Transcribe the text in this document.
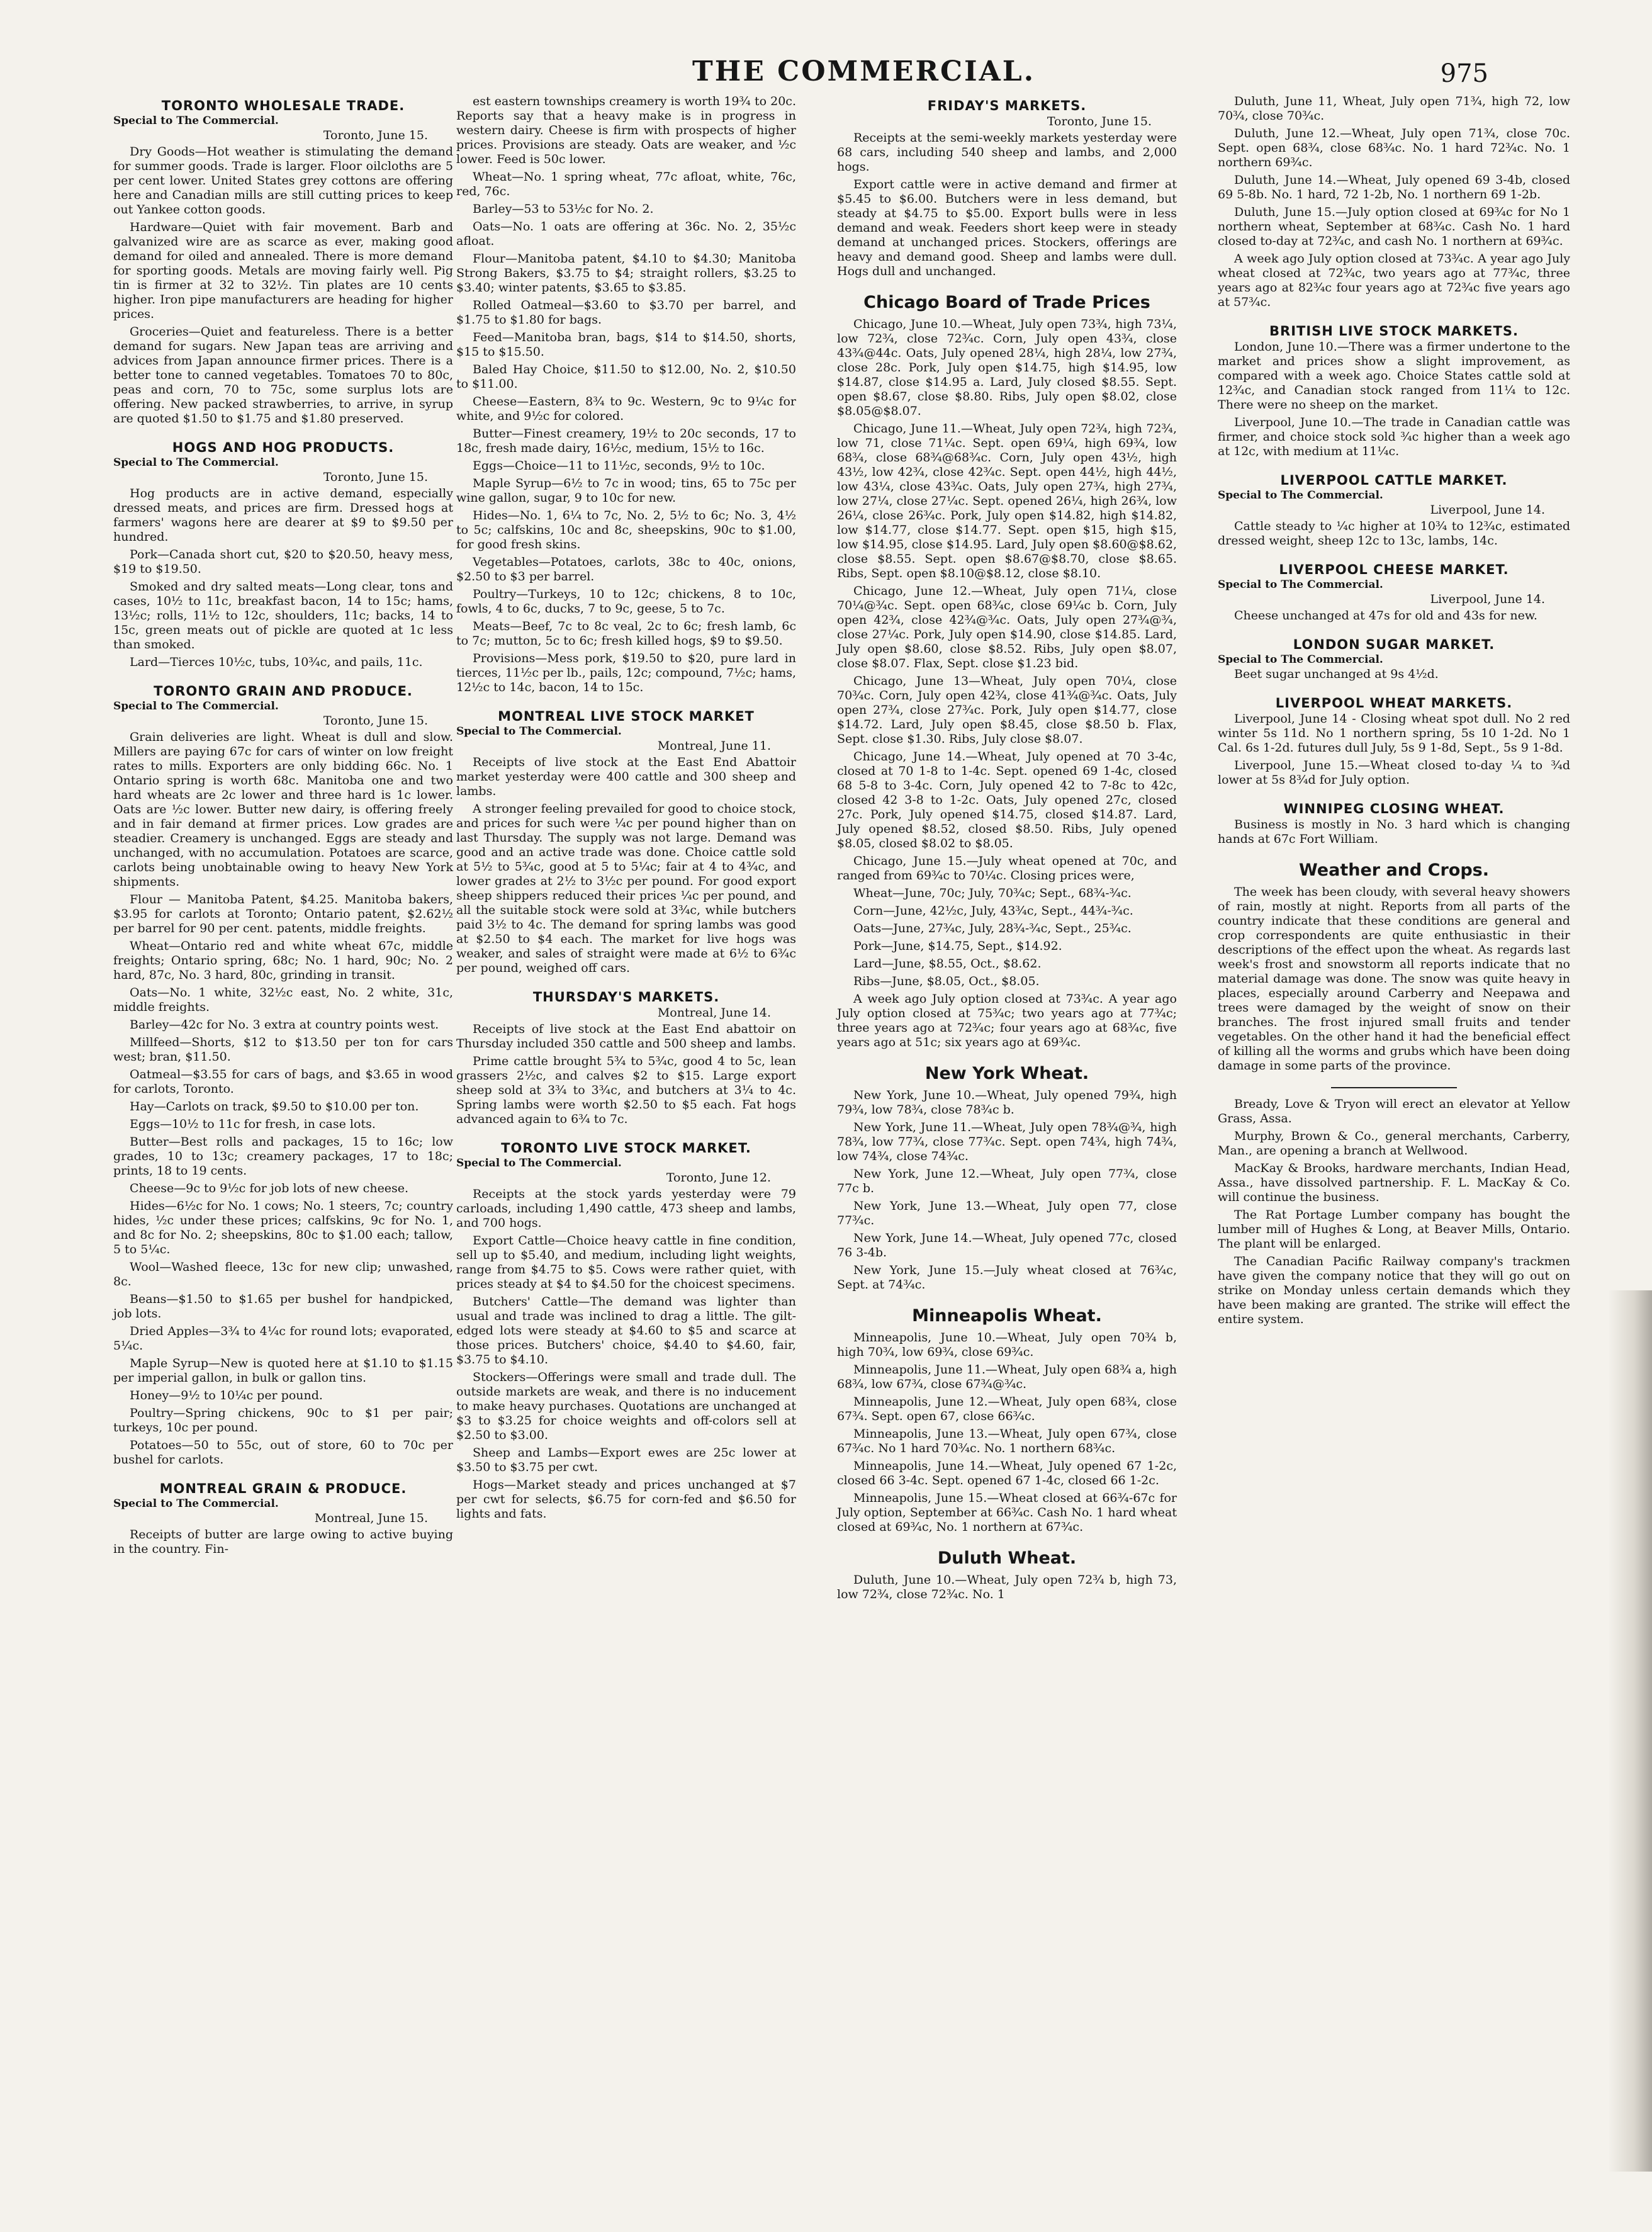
THE COMMERCIAL.	975
TORONTO WHOLESALE TRADE.
Special to The Commercial.
Toronto, June 15.

Dry Goods—Hot weather is stimulating the demand for summer goods. Trade is larger. Floor oilcloths are 5 per cent lower. United States grey cottons are offering here and Canadian mills are still cutting prices to keep out Yankee cotton goods.

Hardware—Quiet with fair movement. Barb and galvanized wire are as scarce as ever, making good demand for oiled and annealed. There is more demand for sporting goods. Metals are moving fairly well. Pig tin is firmer at 32 to 32½. Tin plates are 10 cents higher. Iron pipe manufacturers are heading for higher prices.

Groceries—Quiet and featureless. There is a better demand for sugars. New Japan teas are arriving and advices from Japan announce firmer prices. There is a better tone to canned vegetables. Tomatoes 70 to 80c, peas and corn, 70 to 75c, some surplus lots are offering. New packed strawberries, to arrive, in syrup are quoted $1.50 to $1.75 and $1.80 preserved.

HOGS AND HOG PRODUCTS.
Special to The Commercial.
Toronto, June 15.

Hog products are in active demand, especially dressed meats, and prices are firm. Dressed hogs at farmers' wagons here are dearer at $9 to $9.50 per hundred.

Pork—Canada short cut, $20 to $20.50, heavy mess, $19 to $19.50.

Smoked and dry salted meats—Long clear, tons and cases, 10½ to 11c, breakfast bacon, 14 to 15c; hams, 13½c; rolls, 11½ to 12c, shoulders, 11c; backs, 14 to 15c, green meats out of pickle are quoted at 1c less than smoked.

Lard—Tierces 10½c, tubs, 10¾c, and pails, 11c.

TORONTO GRAIN AND PRODUCE.
Special to The Commercial.
Toronto, June 15.

Grain deliveries are light. Wheat is dull and slow. Millers are paying 67c for cars of winter on low freight rates to mills. Exporters are only bidding 66c. No. 1 Ontario spring is worth 68c. Manitoba one and two hard wheats are 2c lower and three hard is 1c lower. Oats are ½c lower. Butter new dairy, is offering freely and in fair demand at firmer prices. Low grades are steadier. Creamery is unchanged. Eggs are steady and unchanged, with no accumulation. Potatoes are scarce, carlots being unobtainable owing to heavy New York shipments.

Flour — Manitoba Patent, $4.25. Manitoba bakers, $3.95 for carlots at Toronto; Ontario patent, $2.62½ per barrel for 90 per cent. patents, middle freights.

Wheat—Ontario red and white wheat 67c, middle freights; Ontario spring, 68c; No. 1 hard, 90c; No. 2 hard, 87c, No. 3 hard, 80c, grinding in transit.

Oats—No. 1 white, 32½c east, No. 2 white, 31c, middle freights.

Barley—42c for No. 3 extra at country points west.

Millfeed—Shorts, $12 to $13.50 per ton for cars west; bran, $11.50.

Oatmeal—$3.55 for cars of bags, and $3.65 in wood for carlots, Toronto.

Hay—Carlots on track, $9.50 to $10.00 per ton.

Eggs—10½ to 11c for fresh, in case lots.

Butter—Best rolls and packages, 15 to 16c; low grades, 10 to 13c; creamery packages, 17 to 18c; prints, 18 to 19 cents.

Cheese—9c to 9½c for job lots of new cheese.

Hides—6½c for No. 1 cows; No. 1 steers, 7c; country hides, ½c under these prices; calfskins, 9c for No. 1, and 8c for No. 2; sheepskins, 80c to $1.00 each; tallow, 5 to 5¼c.

Wool—Washed fleece, 13c for new clip; unwashed, 8c.

Beans—$1.50 to $1.65 per bushel for handpicked, job lots.

Dried Apples—3¾ to 4¼c for round lots; evaporated, 5¼c.

Maple Syrup—New is quoted here at $1.10 to $1.15 per imperial gallon, in bulk or gallon tins.

Honey—9½ to 10¼c per pound.

Poultry—Spring chickens, 90c to $1 per pair; turkeys, 10c per pound.

Potatoes—50 to 55c, out of store, 60 to 70c per bushel for carlots.

MONTREAL GRAIN & PRODUCE.
Special to The Commercial.
Montreal, June 15.

Receipts of butter are large owing to active buying in the country. Fin-

est eastern townships creamery is worth 19¾ to 20c. Reports say that a heavy make is in progress in western dairy. Cheese is firm with prospects of higher prices. Provisions are steady. Oats are weaker, and ½c lower. Feed is 50c lower.

Wheat—No. 1 spring wheat, 77c afloat, white, 76c, red, 76c.

Barley—53 to 53½c for No. 2.

Oats—No. 1 oats are offering at 36c. No. 2, 35½c afloat.

Flour—Manitoba patent, $4.10 to $4.30; Manitoba Strong Bakers, $3.75 to $4; straight rollers, $3.25 to $3.40; winter patents, $3.65 to $3.85.

Rolled Oatmeal—$3.60 to $3.70 per barrel, and $1.75 to $1.80 for bags.

Feed—Manitoba bran, bags, $14 to $14.50, shorts, $15 to $15.50.

Baled Hay Choice, $11.50 to $12.00, No. 2, $10.50 to $11.00.

Cheese—Eastern, 8¾ to 9c. Western, 9c to 9¼c for white, and 9½c for colored.

Butter—Finest creamery, 19½ to 20c seconds, 17 to 18c, fresh made dairy, 16½c, medium, 15½ to 16c.

Eggs—Choice—11 to 11½c, seconds, 9½ to 10c.

Maple Syrup—6½ to 7c in wood; tins, 65 to 75c per wine gallon, sugar, 9 to 10c for new.

Hides—No. 1, 6¼ to 7c, No. 2, 5½ to 6c; No. 3, 4½ to 5c; calfskins, 10c and 8c, sheepskins, 90c to $1.00, for good fresh skins.

Vegetables—Potatoes, carlots, 38c to 40c, onions, $2.50 to $3 per barrel.

Poultry—Turkeys, 10 to 12c; chickens, 8 to 10c, fowls, 4 to 6c, ducks, 7 to 9c, geese, 5 to 7c.

Meats—Beef, 7c to 8c veal, 2c to 6c; fresh lamb, 6c to 7c; mutton, 5c to 6c; fresh killed hogs, $9 to $9.50.

Provisions—Mess pork, $19.50 to $20, pure lard in tierces, 11½c per lb., pails, 12c; compound, 7½c; hams, 12½c to 14c, bacon, 14 to 15c.

MONTREAL LIVE STOCK MARKET
Special to The Commercial.
Montreal, June 11.

Receipts of live stock at the East End Abattoir market yesterday were 400 cattle and 300 sheep and lambs.

A stronger feeling prevailed for good to choice stock, and prices for such were ¼c per pound higher than on last Thursday. The supply was not large. Demand was good and an active trade was done. Choice cattle sold at 5½ to 5¾c, good at 5 to 5¼c; fair at 4 to 4¾c, and lower grades at 2½ to 3½c per pound. For good export sheep shippers reduced their prices ¼c per pound, and all the suitable stock were sold at 3¾c, while butchers paid 3½ to 4c. The demand for spring lambs was good at $2.50 to $4 each. The market for live hogs was weaker, and sales of straight were made at 6½ to 6¾c per pound, weighed off cars.

THURSDAY'S MARKETS.
Montreal, June 14.

Receipts of live stock at the East End abattoir on Thursday included 350 cattle and 500 sheep and lambs.

Prime cattle brought 5¾ to 5¾c, good 4 to 5c, lean grassers 2½c, and calves $2 to $15. Large export sheep sold at 3¾ to 3¾c, and butchers at 3¼ to 4c. Spring lambs were worth $2.50 to $5 each. Fat hogs advanced again to 6¾ to 7c.

TORONTO LIVE STOCK MARKET.
Special to The Commercial.
Toronto, June 12.

Receipts at the stock yards yesterday were 79 carloads, including 1,490 cattle, 473 sheep and lambs, and 700 hogs.

Export Cattle—Choice heavy cattle in fine condition, sell up to $5.40, and medium, including light weights, range from $4.75 to $5. Cows were rather quiet, with prices steady at $4 to $4.50 for the choicest specimens.

Butchers' Cattle—The demand was lighter than usual and trade was inclined to drag a little. The gilt-edged lots were steady at $4.60 to $5 and scarce at those prices. Butchers' choice, $4.40 to $4.60, fair, $3.75 to $4.10.

Stockers—Offerings were small and trade dull. The outside markets are weak, and there is no inducement to make heavy purchases. Quotations are unchanged at $3 to $3.25 for choice weights and off-colors sell at $2.50 to $3.00.

Sheep and Lambs—Export ewes are 25c lower at $3.50 to $3.75 per cwt.

Hogs—Market steady and prices unchanged at $7 per cwt for selects, $6.75 for corn-fed and $6.50 for lights and fats.

FRIDAY'S MARKETS.
Toronto, June 15.

Receipts at the semi-weekly markets yesterday were 68 cars, including 540 sheep and lambs, and 2,000 hogs.

Export cattle were in active demand and firmer at $5.45 to $6.00. Butchers were in less demand, but steady at $4.75 to $5.00. Export bulls were in less demand and weak. Feeders short keep were in steady demand at unchanged prices. Stockers, offerings are heavy and demand good. Sheep and lambs were dull. Hogs dull and unchanged.

Chicago Board of Trade Prices

Chicago, June 10.—Wheat, July open 73¾, high 73¼, low 72¾, close 72¾c. Corn, July open 43¾, close 43¾@44c. Oats, July opened 28¼, high 28¼, low 27¾, close 28c. Pork, July open $14.75, high $14.95, low $14.87, close $14.95 a. Lard, July closed $8.55. Sept. open $8.67, close $8.80. Ribs, July open $8.02, close $8.05@$8.07.

Chicago, June 11.—Wheat, July open 72¾, high 72¾, low 71, close 71¼c. Sept. open 69¼, high 69¾, low 68¾, close 68¾@68¾c. Corn, July open 43½, high 43½, low 42¾, close 42¾c. Sept. open 44½, high 44½, low 43¼, close 43¾c. Oats, July open 27¾, high 27¾, low 27¼, close 27¼c. Sept. opened 26¼, high 26¾, low 26¼, close 26¾c. Pork, July open $14.82, high $14.82, low $14.77, close $14.77. Sept. open $15, high $15, low $14.95, close $14.95. Lard, July open $8.60@$8.62, close $8.55. Sept. open $8.67@$8.70, close $8.65. Ribs, Sept. open $8.10@$8.12, close $8.10.

Chicago, June 12.—Wheat, July open 71¼, close 70¼@¾c. Sept. open 68¾c, close 69¼c b. Corn, July open 42¾, close 42¾@¾c. Oats, July open 27¾@¾, close 27¼c. Pork, July open $14.90, close $14.85. Lard, July open $8.60, close $8.52. Ribs, July open $8.07, close $8.07. Flax, Sept. close $1.23 bid.

Chicago, June 13—Wheat, July open 70¼, close 70¾c. Corn, July open 42¾, close 41¾@¾c. Oats, July open 27¾, close 27¾c. Pork, July open $14.77, close $14.72. Lard, July open $8.45, close $8.50 b. Flax, Sept. close $1.30. Ribs, July close $8.07.

Chicago, June 14.—Wheat, July opened at 70 3-4c, closed at 70 1-8 to 1-4c. Sept. opened 69 1-4c, closed 68 5-8 to 3-4c. Corn, July opened 42 to 7-8c to 42c, closed 42 3-8 to 1-2c. Oats, July opened 27c, closed 27c. Pork, July opened $14.75, closed $14.87. Lard, July opened $8.52, closed $8.50. Ribs, July opened $8.05, closed $8.02 to $8.05.

Chicago, June 15.—July wheat opened at 70c, and ranged from 69¾c to 70¼c. Closing prices were,

Wheat—June, 70c; July, 70¾c; Sept., 68¾-¾c.

Corn—June, 42½c, July, 43¾c, Sept., 44¾-¾c.

Oats—June, 27¾c, July, 28¾-¾c, Sept., 25¾c.

Pork—June, $14.75, Sept., $14.92.

Lard—June, $8.55, Oct., $8.62.

Ribs—June, $8.05, Oct., $8.05.

A week ago July option closed at 73¾c. A year ago July option closed at 75¾c; two years ago at 77¾c; three years ago at 72¾c; four years ago at 68¾c, five years ago at 51c; six years ago at 69¾c.

New York Wheat.

New York, June 10.—Wheat, July opened 79¾, high 79¾, low 78¾, close 78¾c b.

New York, June 11.—Wheat, July open 78¾@¾, high 78¾, low 77¾, close 77¾c. Sept. open 74¾, high 74¾, low 74¾, close 74¾c.

New York, June 12.—Wheat, July open 77¾, close 77c b.

New York, June 13.—Wheat, July open 77, close 77¾c.

New York, June 14.—Wheat, July opened 77c, closed 76 3-4b.

New York, June 15.—July wheat closed at 76¾c, Sept. at 74¾c.

Minneapolis Wheat.

Minneapolis, June 10.—Wheat, July open 70¾ b, high 70¾, low 69¾, close 69¾c.

Minneapolis, June 11.—Wheat, July open 68¾ a, high 68¾, low 67¾, close 67¾@¾c.

Minneapolis, June 12.—Wheat, July open 68¾, close 67¾. Sept. open 67, close 66¾c.

Minneapolis, June 13.—Wheat, July open 67¾, close 67¾c. No 1 hard 70¾c. No. 1 northern 68¾c.

Minneapolis, June 14.—Wheat, July opened 67 1-2c, closed 66 3-4c. Sept. opened 67 1-4c, closed 66 1-2c.

Minneapolis, June 15.—Wheat closed at 66¾-67c for July option, September at 66¾c. Cash No. 1 hard wheat closed at 69¾c, No. 1 northern at 67¾c.

Duluth Wheat.

Duluth, June 10.—Wheat, July open 72¾ b, high 73, low 72¾, close 72¾c. No. 1

Duluth, June 11, Wheat, July open 71¾, high 72, low 70¾, close 70¾c.

Duluth, June 12.—Wheat, July open 71¾, close 70c. Sept. open 68¾, close 68¾c. No. 1 hard 72¾c. No. 1 northern 69¾c.

Duluth, June 14.—Wheat, July opened 69 3-4b, closed 69 5-8b. No. 1 hard, 72 1-2b, No. 1 northern 69 1-2b.

Duluth, June 15.—July option closed at 69¾c for No 1 northern wheat, September at 68¾c. Cash No. 1 hard closed to-day at 72¾c, and cash No. 1 northern at 69¾c.

A week ago July option closed at 73¾c. A year ago July wheat closed at 72¾c, two years ago at 77¾c, three years ago at 82¾c four years ago at 72¾c five years ago at 57¾c.

BRITISH LIVE STOCK MARKETS.

London, June 10.—There was a firmer undertone to the market and prices show a slight improvement, as compared with a week ago. Choice States cattle sold at 12¾c, and Canadian stock ranged from 11¼ to 12c. There were no sheep on the market.

Liverpool, June 10.—The trade in Canadian cattle was firmer, and choice stock sold ¾c higher than a week ago at 12c, with medium at 11¼c.

LIVERPOOL CATTLE MARKET.
Special to The Commercial.
Liverpool, June 14.

Cattle steady to ¼c higher at 10¾ to 12¾c, estimated dressed weight, sheep 12c to 13c, lambs, 14c.

LIVERPOOL CHEESE MARKET.
Special to The Commercial.
Liverpool, June 14.

Cheese unchanged at 47s for old and 43s for new.

LONDON SUGAR MARKET.
Special to The Commercial.

Beet sugar unchanged at 9s 4½d.

LIVERPOOL WHEAT MARKETS.

Liverpool, June 14 - Closing wheat spot dull. No 2 red winter 5s 11d. No 1 northern spring, 5s 10 1-2d. No 1 Cal. 6s 1-2d. futures dull July, 5s 9 1-8d, Sept., 5s 9 1-8d.

Liverpool, June 15.—Wheat closed to-day ¼ to ¾d lower at 5s 8¾d for July option.

WINNIPEG CLOSING WHEAT.

Business is mostly in No. 3 hard which is changing hands at 67c Fort William.

Weather and Crops.

The week has been cloudy, with several heavy showers of rain, mostly at night. Reports from all parts of the country indicate that these conditions are general and crop correspondents are quite enthusiastic in their descriptions of the effect upon the wheat. As regards last week's frost and snowstorm all reports indicate that no material damage was done. The snow was quite heavy in places, especially around Carberry and Neepawa and trees were damaged by the weight of snow on their branches. The frost injured small fruits and tender vegetables. On the other hand it had the beneficial effect of killing all the worms and grubs which have been doing damage in some parts of the province.

Bready, Love & Tryon will erect an elevator at Yellow Grass, Assa.

Murphy, Brown & Co., general merchants, Carberry, Man., are opening a branch at Wellwood.

MacKay & Brooks, hardware merchants, Indian Head, Assa., have dissolved partnership. F. L. MacKay & Co. will continue the business.

The Rat Portage Lumber company has bought the lumber mill of Hughes & Long, at Beaver Mills, Ontario. The plant will be enlarged.

The Canadian Pacific Railway company's trackmen have given the company notice that they will go out on strike on Monday unless certain demands which they have been making are granted. The strike will effect the entire system.
